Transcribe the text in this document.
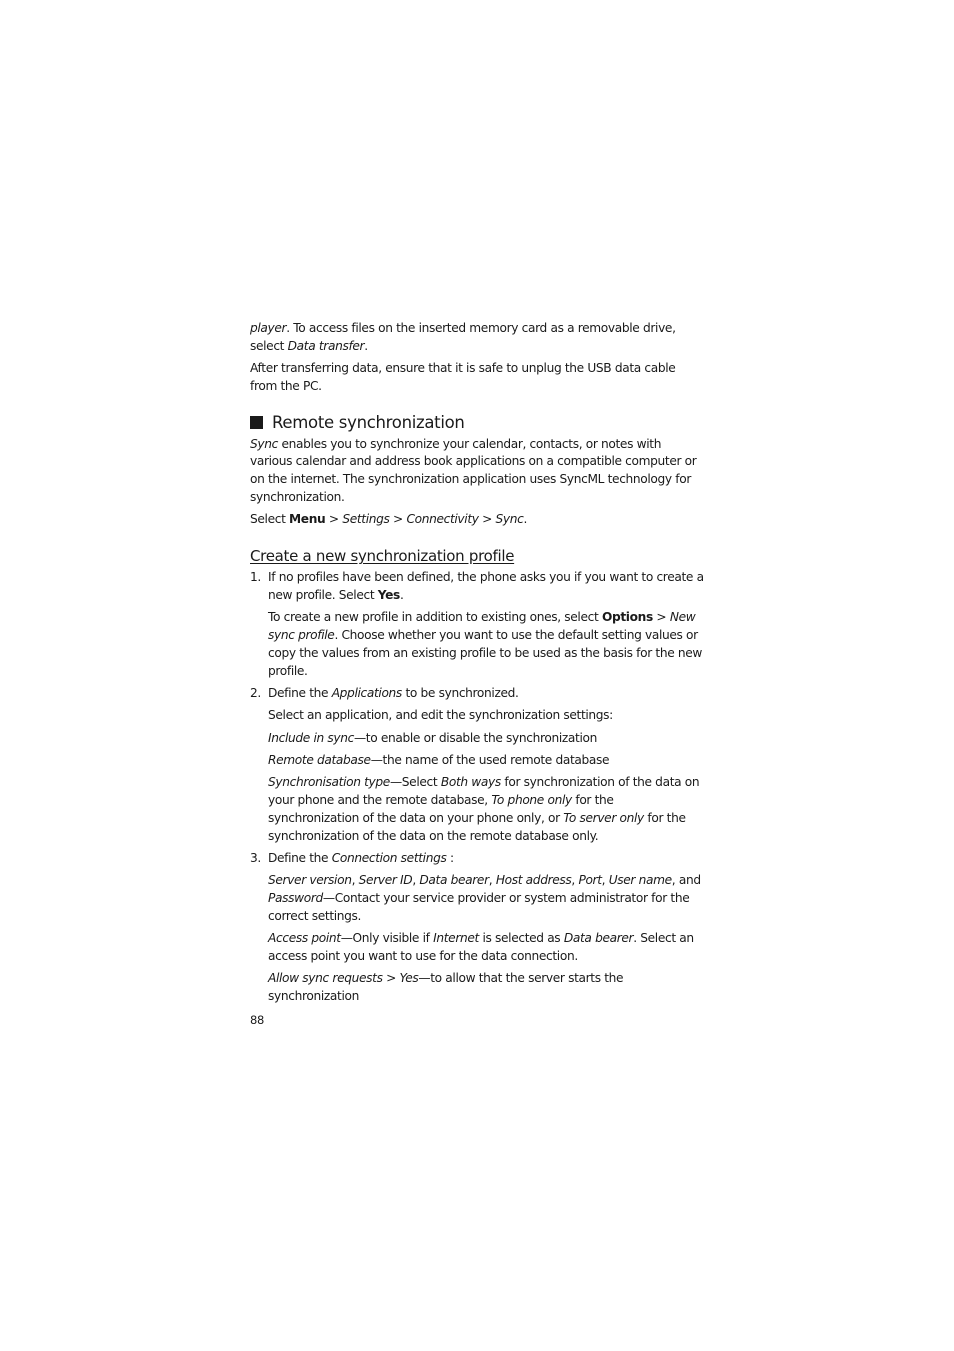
player. To access files on the inserted memory card as a removable drive, select Data transfer.

After transferring data, ensure that it is safe to unplug the USB data cable from the PC.

Remote synchronization

Sync enables you to synchronize your calendar, contacts, or notes with various calendar and address book applications on a compatible computer or on the internet. The synchronization application uses SyncML technology for synchronization.

Select Menu > Settings > Connectivity > Sync.

Create a new synchronization profile
1. If no profiles have been defined, the phone asks you if you want to create a new profile. Select Yes.

To create a new profile in addition to existing ones, select Options > New sync profile. Choose whether you want to use the default setting values or copy the values from an existing profile to be used as the basis for the new profile.

2. Define the Applications to be synchronized.

Select an application, and edit the synchronization settings:

Include in sync—to enable or disable the synchronization

Remote database—the name of the used remote database

Synchronisation type—Select Both ways for synchronization of the data on your phone and the remote database, To phone only for the synchronization of the data on your phone only, or To server only for the synchronization of the data on the remote database only.

3. Define the Connection settings :

Server version, Server ID, Data bearer, Host address, Port, User name, and Password—Contact your service provider or system administrator for the correct settings.

Access point—Only visible if Internet is selected as Data bearer. Select an access point you want to use for the data connection.

Allow sync requests > Yes—to allow that the server starts the synchronization

88
